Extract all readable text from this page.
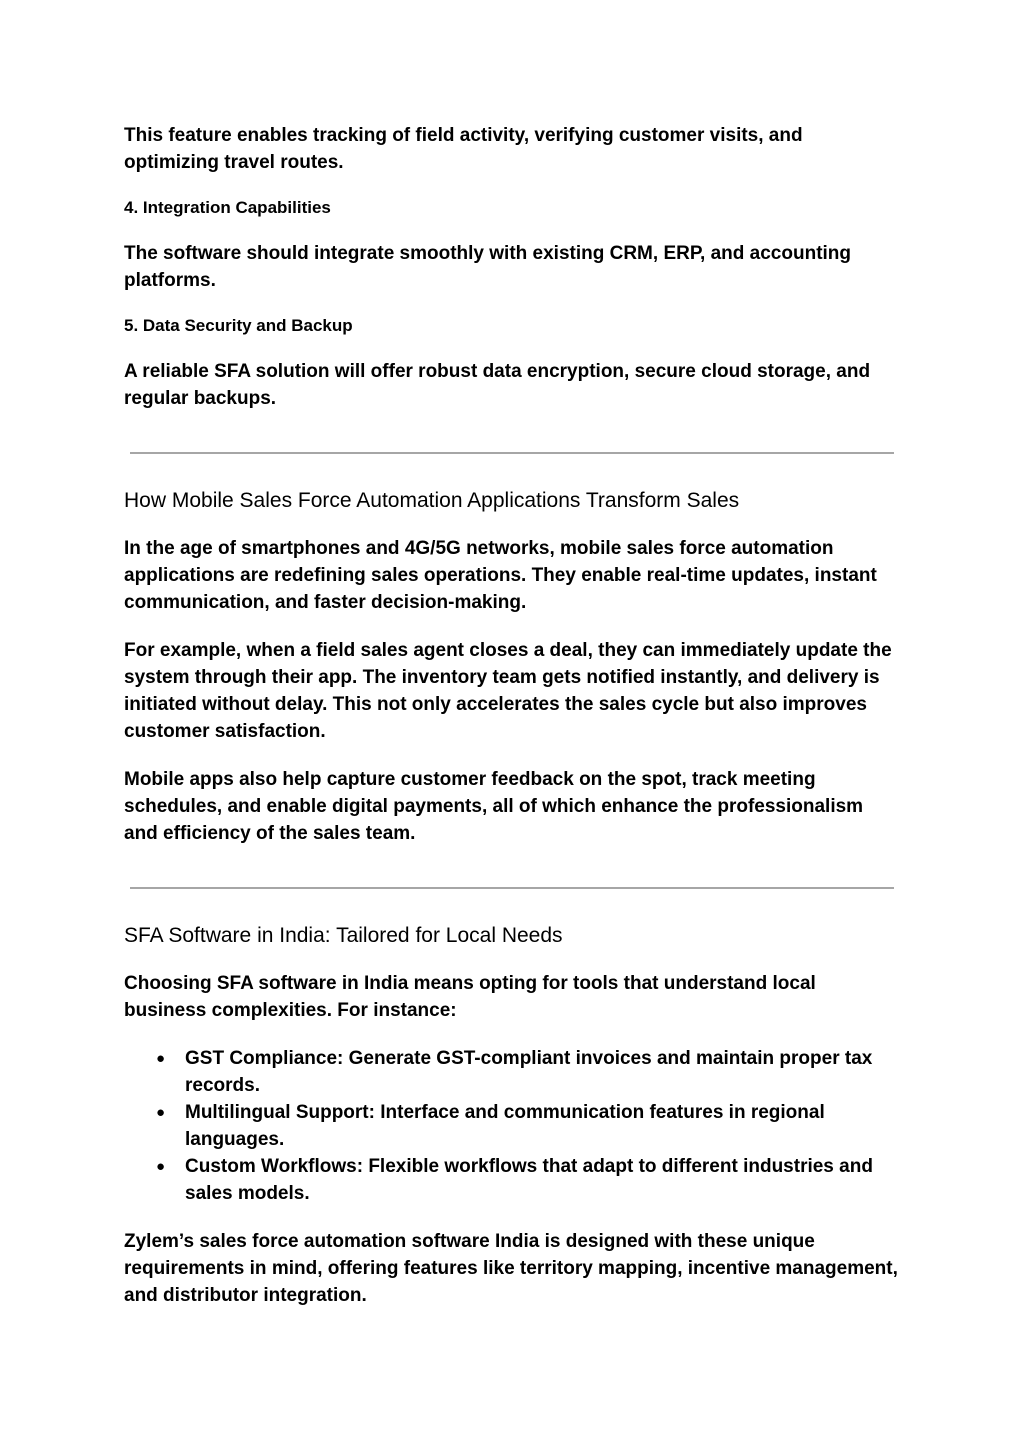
This feature enables tracking of field activity, verifying customer visits, and optimizing travel routes.

4. Integration Capabilities

The software should integrate smoothly with existing CRM, ERP, and accounting platforms.

5. Data Security and Backup

A reliable SFA solution will offer robust data encryption, secure cloud storage, and regular backups.

How Mobile Sales Force Automation Applications Transform Sales

In the age of smartphones and 4G/5G networks, mobile sales force automation applications are redefining sales operations. They enable real-time updates, instant communication, and faster decision-making.

For example, when a field sales agent closes a deal, they can immediately update the system through their app. The inventory team gets notified instantly, and delivery is initiated without delay. This not only accelerates the sales cycle but also improves customer satisfaction.

Mobile apps also help capture customer feedback on the spot, track meeting schedules, and enable digital payments, all of which enhance the professionalism and efficiency of the sales team.

SFA Software in India: Tailored for Local Needs

Choosing SFA software in India means opting for tools that understand local business complexities. For instance:

● GST Compliance: Generate GST-compliant invoices and maintain proper tax records.
● Multilingual Support: Interface and communication features in regional languages.
● Custom Workflows: Flexible workflows that adapt to different industries and sales models.

Zylem’s sales force automation software India is designed with these unique requirements in mind, offering features like territory mapping, incentive management, and distributor integration.
